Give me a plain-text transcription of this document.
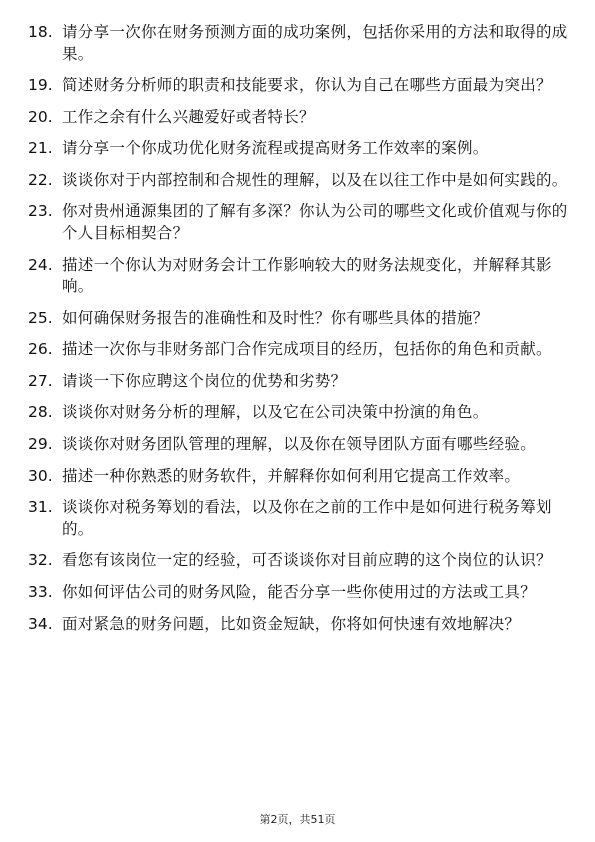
18. 请分享一次你在财务预测方面的成功案例，包括你采用的方法和取得的成果。
19. 简述财务分析师的职责和技能要求，你认为自己在哪些方面最为突出？
20. 工作之余有什么兴趣爱好或者特长？
21. 请分享一个你成功优化财务流程或提高财务工作效率的案例。
22. 谈谈你对于内部控制和合规性的理解，以及在以往工作中是如何实践的。
23. 你对贵州通源集团的了解有多深？你认为公司的哪些文化或价值观与你的个人目标相契合？
24. 描述一个你认为对财务会计工作影响较大的财务法规变化，并解释其影响。
25. 如何确保财务报告的准确性和及时性？你有哪些具体的措施？
26. 描述一次你与非财务部门合作完成项目的经历，包括你的角色和贡献。
27. 请谈一下你应聘这个岗位的优势和劣势？
28. 谈谈你对财务分析的理解，以及它在公司决策中扮演的角色。
29. 谈谈你对财务团队管理的理解，以及你在领导团队方面有哪些经验。
30. 描述一种你熟悉的财务软件，并解释你如何利用它提高工作效率。
31. 谈谈你对税务筹划的看法，以及你在之前的工作中是如何进行税务筹划的。
32. 看您有该岗位一定的经验，可否谈谈你对目前应聘的这个岗位的认识？
33. 你如何评估公司的财务风险，能否分享一些你使用过的方法或工具？
34. 面对紧急的财务问题，比如资金短缺，你将如何快速有效地解决？
第2页，共51页
